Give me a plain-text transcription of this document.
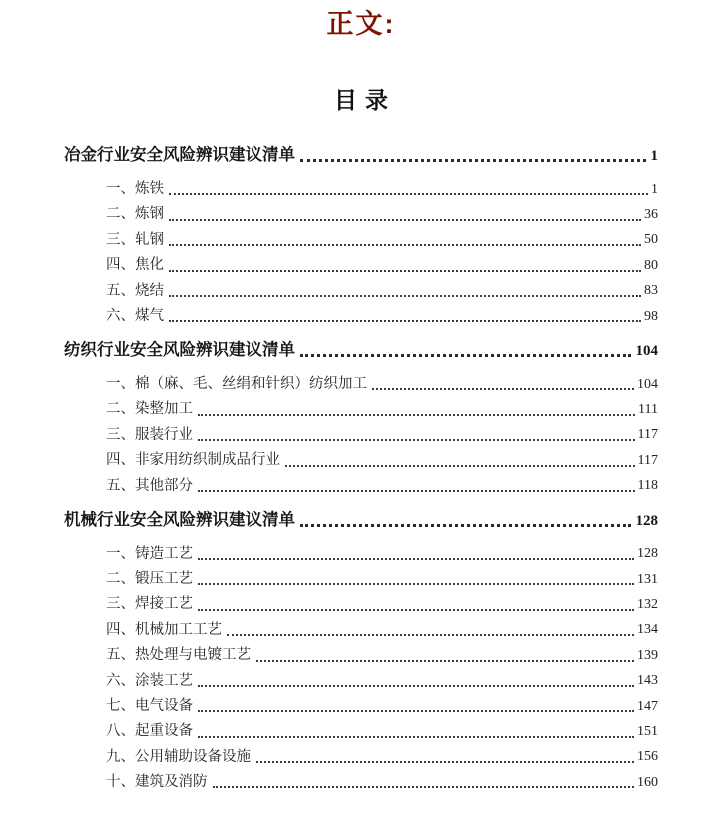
正文:
目录
冶金行业安全风险辨识建议清单	1
一、炼铁	1
二、炼钢	36
三、轧钢	50
四、焦化	80
五、烧结	83
六、煤气	98
纺织行业安全风险辨识建议清单	104
一、棉（麻、毛、丝绢和针织）纺织加工	104
二、染整加工	111
三、服装行业	117
四、非家用纺织制成品行业	117
五、其他部分	118
机械行业安全风险辨识建议清单	128
一、铸造工艺	128
二、锻压工艺	131
三、焊接工艺	132
四、机械加工工艺	134
五、热处理与电镀工艺	139
六、涂装工艺	143
七、电气设备	147
八、起重设备	151
九、公用辅助设备设施	156
十、建筑及消防	160
